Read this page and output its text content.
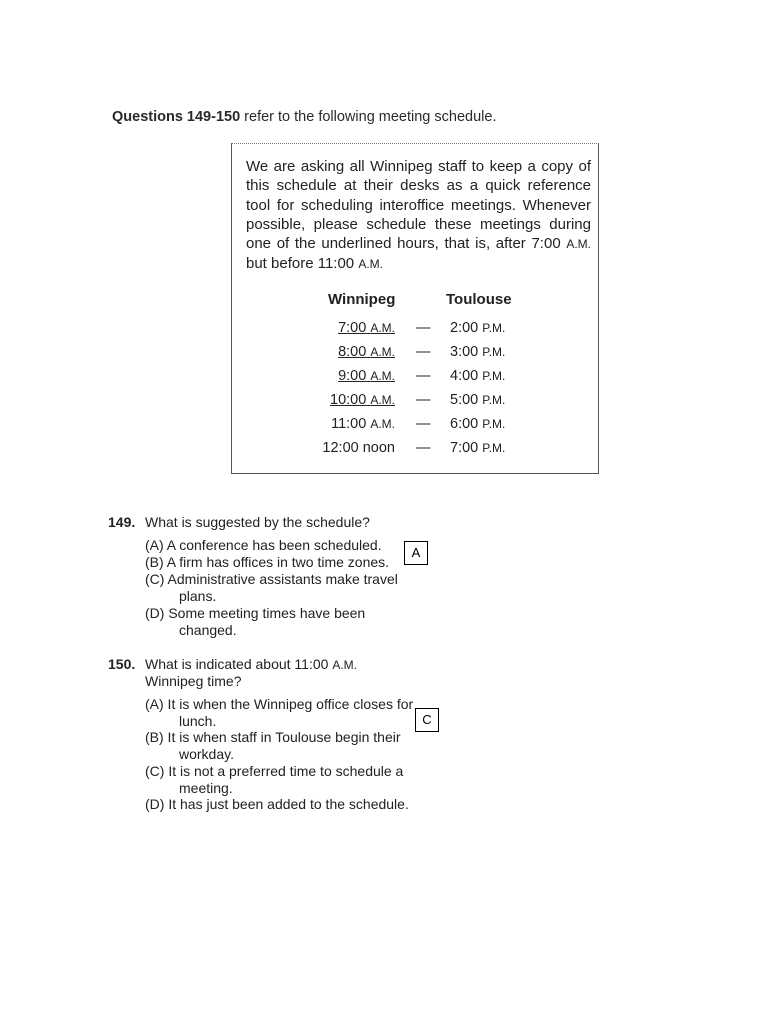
Questions 149-150 refer to the following meeting schedule.
We are asking all Winnipeg staff to keep a copy of this schedule at their desks as a quick reference tool for scheduling interoffice meetings. Whenever possible, please schedule these meetings during one of the underlined hours, that is, after 7:00 A.M. but before 11:00 A.M.
Winnipeg	Toulouse
7:00 A.M. — 2:00 P.M.
8:00 A.M. — 3:00 P.M.
9:00 A.M. — 4:00 P.M.
10:00 A.M. — 5:00 P.M.
11:00 A.M. — 6:00 P.M.
12:00 noon — 7:00 P.M.
149. What is suggested by the schedule?
(A) A conference has been scheduled.
(B) A firm has offices in two time zones.
(C) Administrative assistants make travel
plans.
(D) Some meeting times have been
changed.
A
150. What is indicated about 11:00 A.M.
Winnipeg time?
(A) It is when the Winnipeg office closes for
lunch.
(B) It is when staff in Toulouse begin their
workday.
(C) It is not a preferred time to schedule a
meeting.
(D) It has just been added to the schedule.
C
